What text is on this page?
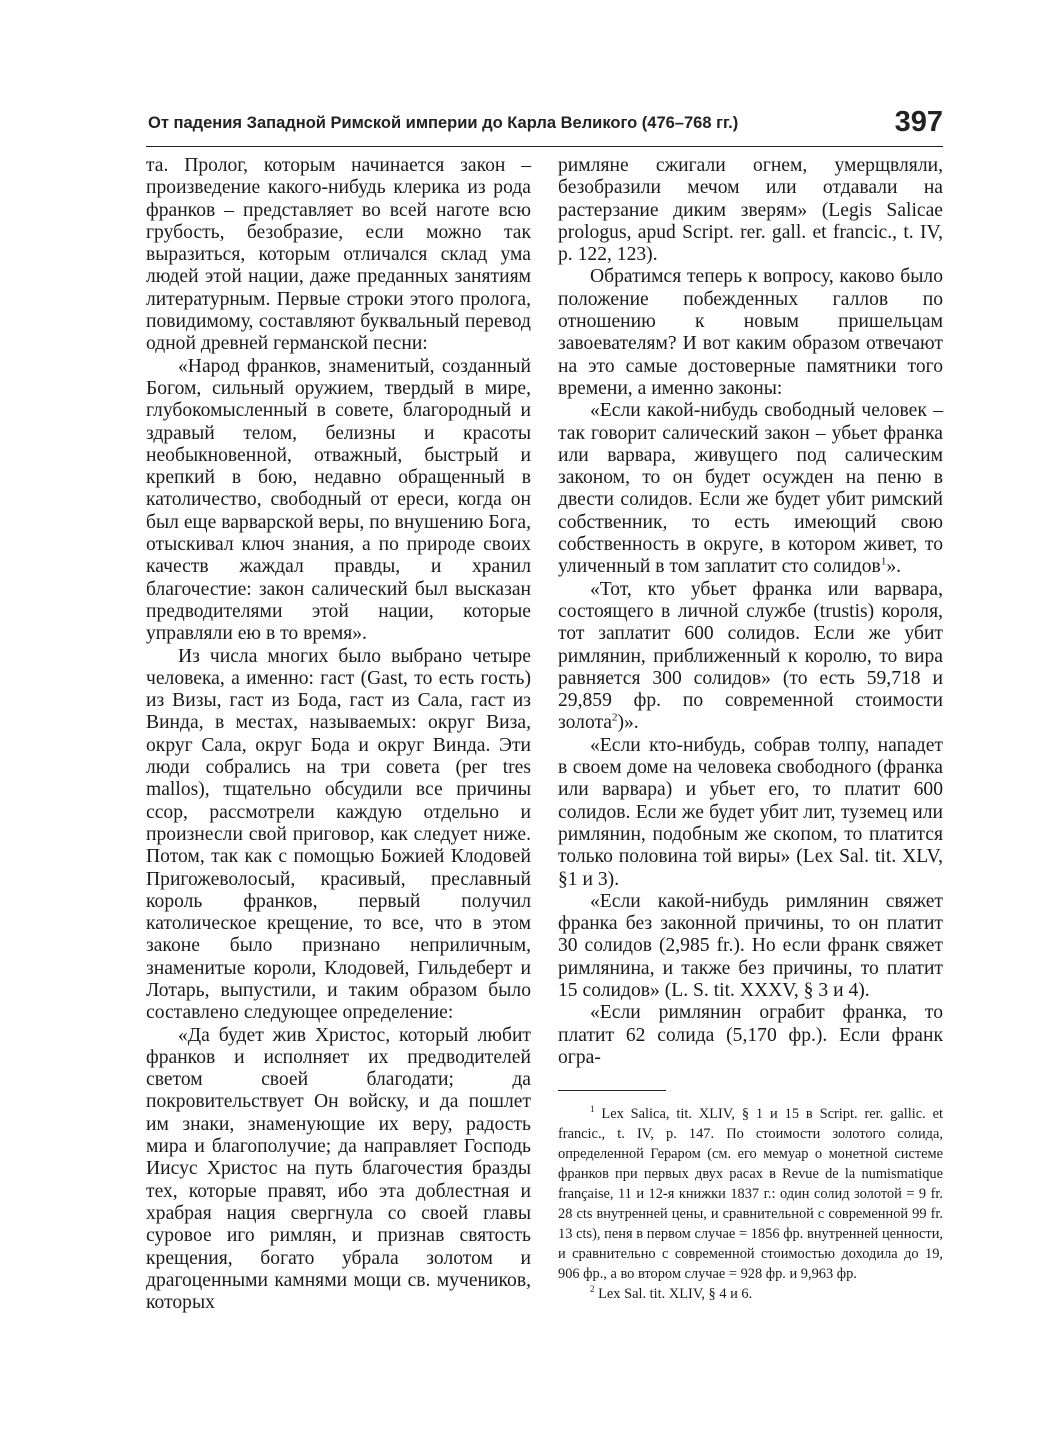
От падения Западной Римской империи до Карла Великого (476–768 гг.)	397

та. Пролог, которым начинается закон – произведение какого-нибудь клерика из рода франков – представляет во всей наготе всю грубость, безобразие, если можно так выразиться, которым отличался склад ума людей этой нации, даже преданных занятиям литературным. Первые строки этого пролога, повидимому, составляют буквальный перевод одной древней германской песни:

«Народ франков, знаменитый, созданный Богом, сильный оружием, твердый в мире, глубокомысленный в совете, благородный и здравый телом, белизны и красоты необыкновенной, отважный, быстрый и крепкий в бою, недавно обращенный в католичество, свободный от ереси, когда он был еще варварской веры, по внушению Бога, отыскивал ключ знания, а по природе своих качеств жаждал правды, и хранил благочестие: закон салический был высказан предводителями этой нации, которые управляли ею в то время».

Из числа многих было выбрано четыре человека, а именно: гаст (Gast, то есть гость) из Визы, гаст из Бода, гаст из Сала, гаст из Винда, в местах, называемых: округ Виза, округ Сала, округ Бода и округ Винда. Эти люди собрались на три совета (per tres mallos), тщательно обсудили все причины ссор, рассмотрели каждую отдельно и произнесли свой приговор, как следует ниже. Потом, так как с помощью Божией Клодовей Пригожеволосый, красивый, преславный король франков, первый получил католическое крещение, то все, что в этом законе было признано неприличным, знаменитые короли, Клодовей, Гильдеберт и Лотарь, выпустили, и таким образом было составлено следующее определение:

«Да будет жив Христос, который любит франков и исполняет их предводителей светом своей благодати; да покровительствует Он войску, и да пошлет им знаки, знаменующие их веру, радость мира и благополучие; да направляет Господь Иисус Христос на путь благочестия бразды тех, которые правят, ибо эта доблестная и храбрая нация свергнула со своей главы суровое иго римлян, и признав святость крещения, богато убрала золотом и драгоценными камнями мощи св. мучеников, которых

римляне сжигали огнем, умерщвляли, безобразили мечом или отдавали на растерзание диким зверям» (Legis Salicae prologus, apud Script. rer. gall. et francic., t. IV, p. 122, 123).

Обратимся теперь к вопросу, каково было положение побежденных галлов по отношению к новым пришельцам завоевателям? И вот каким образом отвечают на это самые достоверные памятники того времени, а именно законы:

«Если какой-нибудь свободный человек – так говорит салический закон – убьет франка или варвара, живущего под салическим законом, то он будет осужден на пеню в двести солидов. Если же будет убит римский собственник, то есть имеющий свою собственность в округе, в котором живет, то уличенный в том заплатит сто солидов$^1$».

«Тот, кто убьет франка или варвара, состоящего в личной службе (trustis) короля, тот заплатит 600 солидов. Если же убит римлянин, приближенный к королю, то вира равняется 300 солидов» (то есть 59,718 и 29,859 фр. по современной стоимости золота$^2$)».

«Если кто-нибудь, собрав толпу, нападет в своем доме на человека свободного (франка или варвара) и убьет его, то платит 600 солидов. Если же будет убит лит, туземец или римлянин, подобным же скопом, то платится только половина той виры» (Lex Sal. tit. XLV, §1 и 3).

«Если какой-нибудь римлянин свяжет франка без законной причины, то он платит 30 солидов (2,985 fr.). Но если франк свяжет римлянина, и также без причины, то платит 15 солидов» (L. S. tit. XXXV, § 3 и 4).

«Если римлянин ограбит франка, то платит 62 солида (5,170 фр.). Если франк огра-

$^1$ Lex Salica, tit. XLIV, § 1 и 15 в Script. rer. gallic. et francic., t. IV, p. 147. По стоимости золотого солида, определенной Гераром (см. его мемуар о монетной системе франков при первых двух расах в Revue de la numismatique française, 11 и 12-я книжки 1837 г.: один солид золотой = 9 fr. 28 cts внутренней цены, и сравнительной с современной 99 fr. 13 cts), пеня в первом случае = 1856 фр. внутренней ценности, и сравнительно с современной стоимостью доходила до 19, 906 фр., а во втором случае = 928 фр. и 9,963 фр.

$^2$ Lex Sal. tit. XLIV, § 4 и 6.
